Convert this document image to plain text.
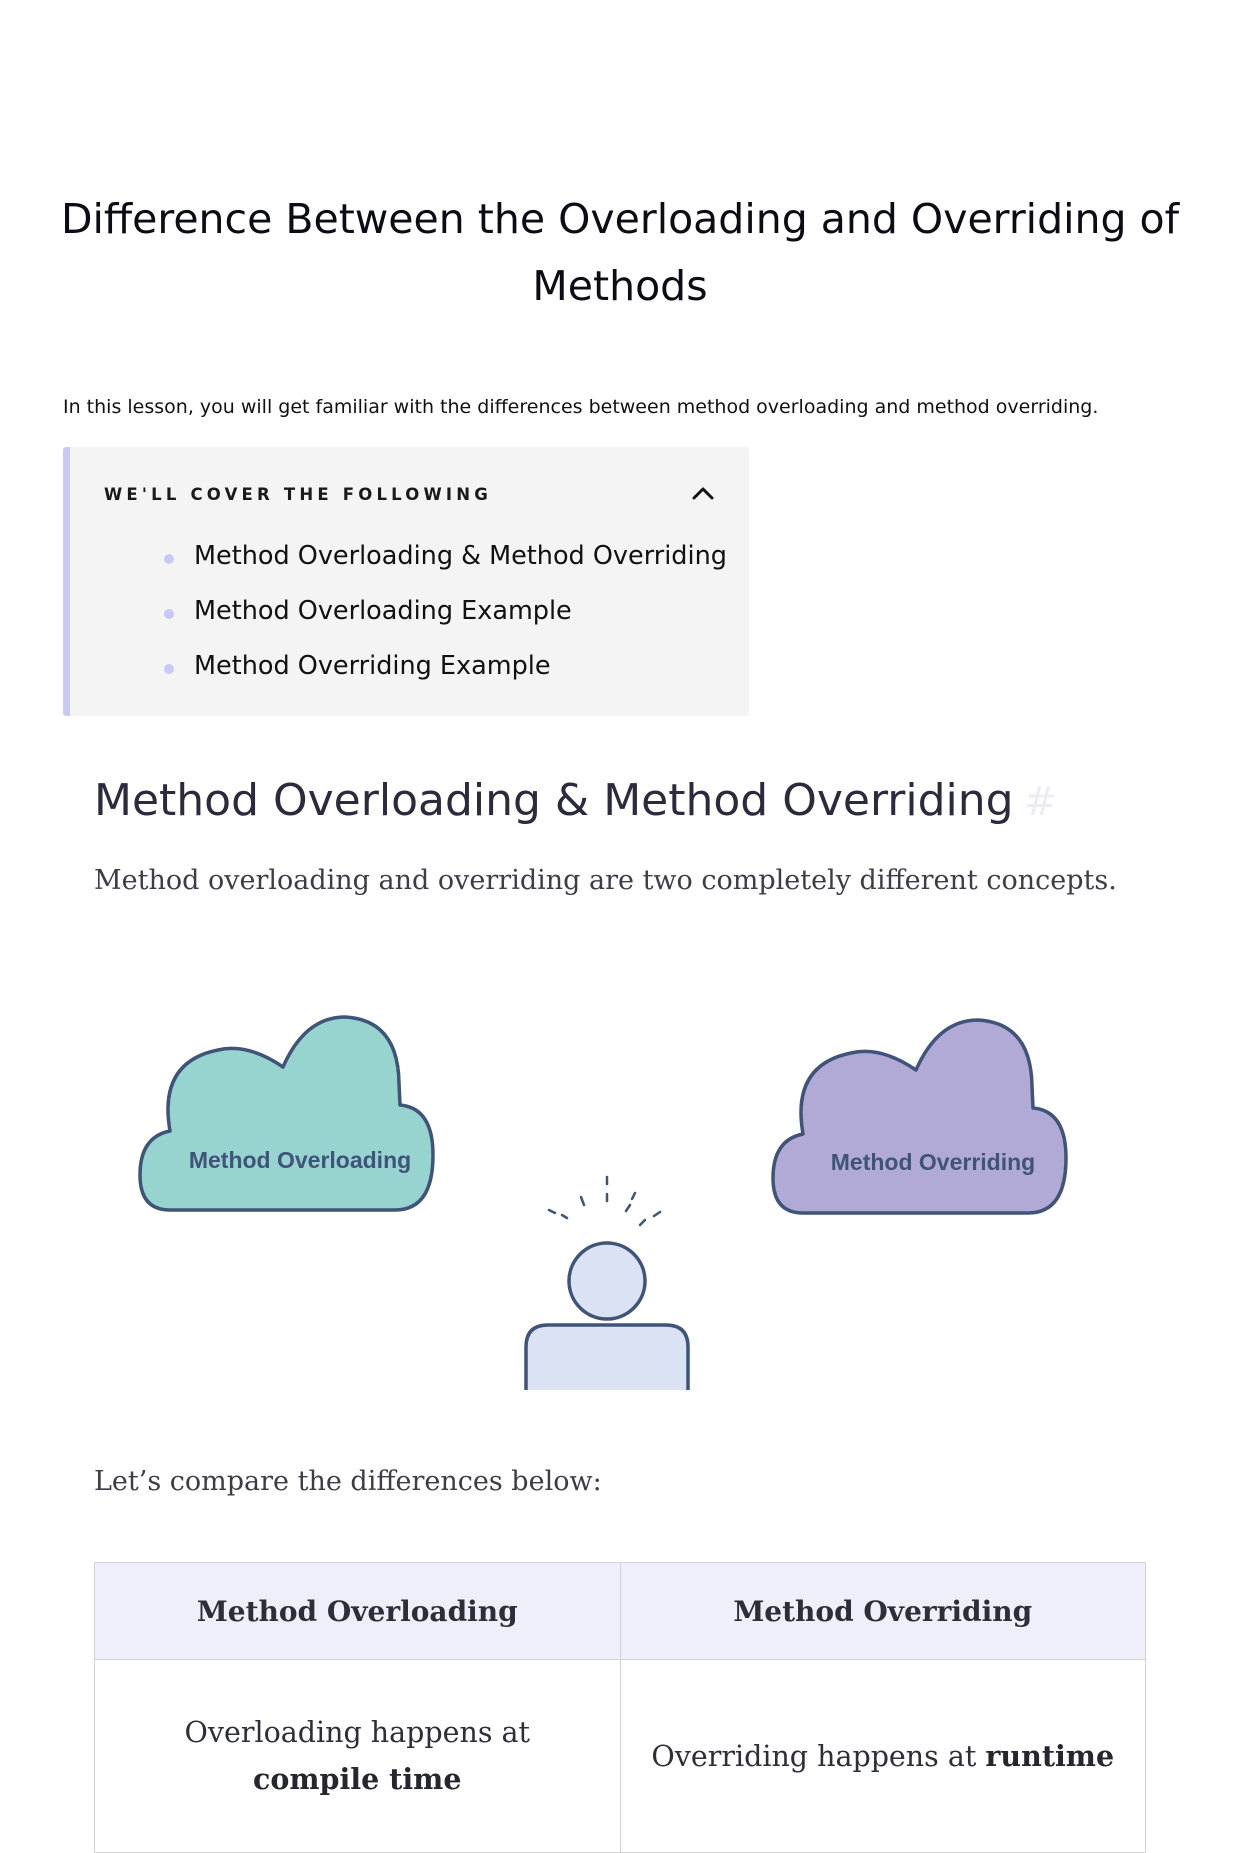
Difference Between the Overloading and Overriding of Methods

In this lesson, you will get familiar with the differences between method overloading and method overriding.

WE'LL COVER THE FOLLOWING
Method Overloading & Method Overriding
Method Overloading Example
Method Overriding Example
Method Overloading & Method Overriding #

Method overloading and overriding are two completely different concepts.

Method Overloading	Method Overriding

Let’s compare the differences below:

Method Overloading	Method Overriding
Overloading happens at compile time	Overriding happens at runtime
